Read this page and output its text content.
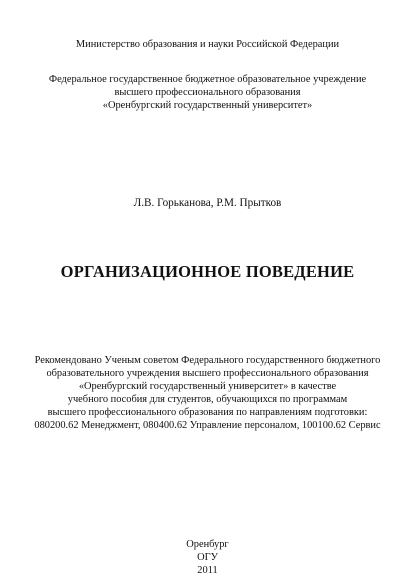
Министерство образования и науки Российской Федерации
Федеральное государственное бюджетное образовательное учреждение
высшего профессионального образования
«Оренбургский государственный университет»
Л.В. Горьканова, Р.М. Прытков
ОРГАНИЗАЦИОННОЕ ПОВЕДЕНИЕ
Рекомендовано Ученым советом Федерального государственного бюджетного
образовательного учреждения высшего профессионального образования
«Оренбургский государственный университет» в качестве
учебного пособия для студентов, обучающихся по программам
высшего профессионального образования по направлениям подготовки:
080200.62 Менеджмент, 080400.62 Управление персоналом, 100100.62 Сервис
Оренбург
ОГУ
2011
